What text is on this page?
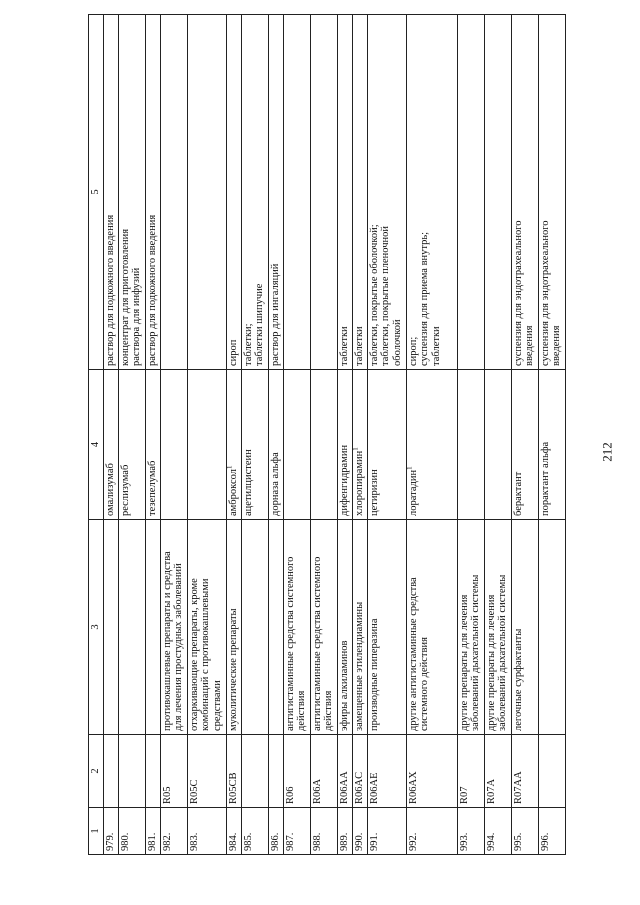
212
1	2	3	4	5
979.			омализумаб	раствор для подкожного введения

980.			реслизумаб	концентрат для приготовления раствора для инфузий

981.			тезепелумаб	раствор для подкожного введения

982.	R05	противокашлевые препараты и средства для лечения простудных заболеваний		

983.	R05C	отхаркивающие препараты, кроме комбинаций с противокашлевыми средствами		

984.	R05CB	муколитические препараты	амброксол$^1$	сироп

985.			ацетилцистеин	таблетки; таблетки шипучие

986.			дорназа альфа	раствор для ингаляций

987.	R06	антигистаминные средства системного действия		

988.	R06A	антигистаминные средства системного действия		

989.	R06AA	эфиры алкиламинов	дифенгидрамин	таблетки

990.	R06AC	замещенные этилендиамины	хлоропирамин$^1$	таблетки

991.	R06AE	производные пиперазина	цетиризин	таблетки, покрытые оболочкой; таблетки, покрытые пленочной оболочкой

992.	R06AX	другие антигистаминные средства системного действия	лоратадин$^1$	сироп; суспензия для приема внутрь; таблетки

993.	R07	другие препараты для лечения заболеваний дыхательной системы		

994.	R07A	другие препараты для лечения заболеваний дыхательной системы		

995.	R07AA	легочные сурфактанты	берактант	суспензия для эндотрахеального введения

996.			порактант альфа	суспензия для эндотрахеального введения
